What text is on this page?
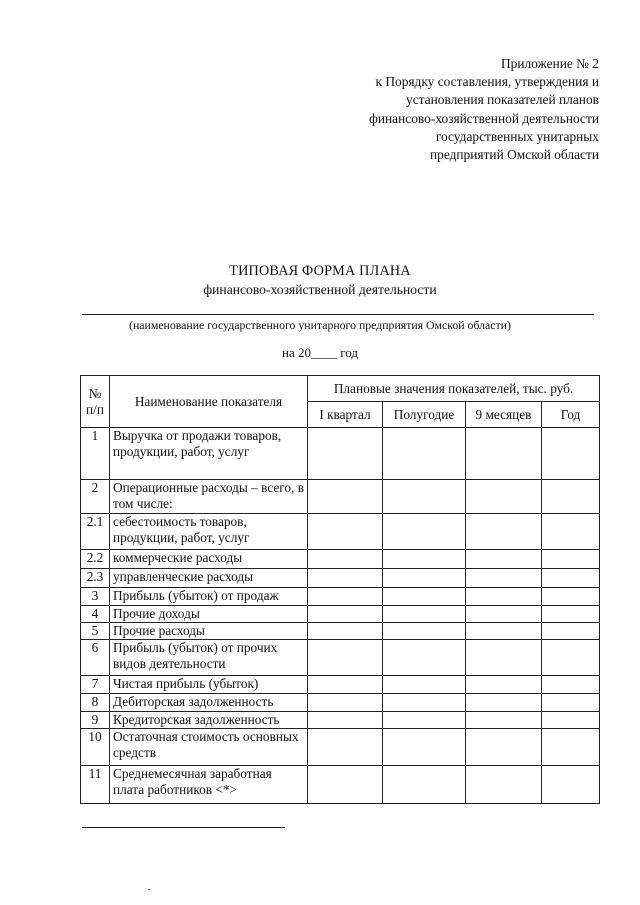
Приложение № 2
к Порядку составления, утверждения и
установления показателей планов
финансово-хозяйственной деятельности
государственных унитарных
предприятий Омской области
ТИПОВАЯ ФОРМА ПЛАНА
финансово-хозяйственной деятельности
(наименование государственного унитарного предприятия Омской области)
на 20____ год
№ п/п	Наименование показателя	Плановые значения показателей, тыс. руб.			
		I квартал	Полугодие	9 месяцев	Год
1	Выручка от продажи товаров, продукции, работ, услуг				
2	Операционные расходы – всего, в том числе:				
2.1	себестоимость товаров, продукции, работ, услуг				
2.2	коммерческие расходы				
2.3	управленческие расходы				
3	Прибыль (убыток) от продаж				
4	Прочие доходы				
5	Прочие расходы				
6	Прибыль (убыток) от прочих видов деятельности				
7	Чистая прибыль (убыток)				
8	Дебиторская задолженность				
9	Кредиторская задолженность				
10	Остаточная стоимость основных средств				
11	Среднемесячная заработная плата работников <*>				
